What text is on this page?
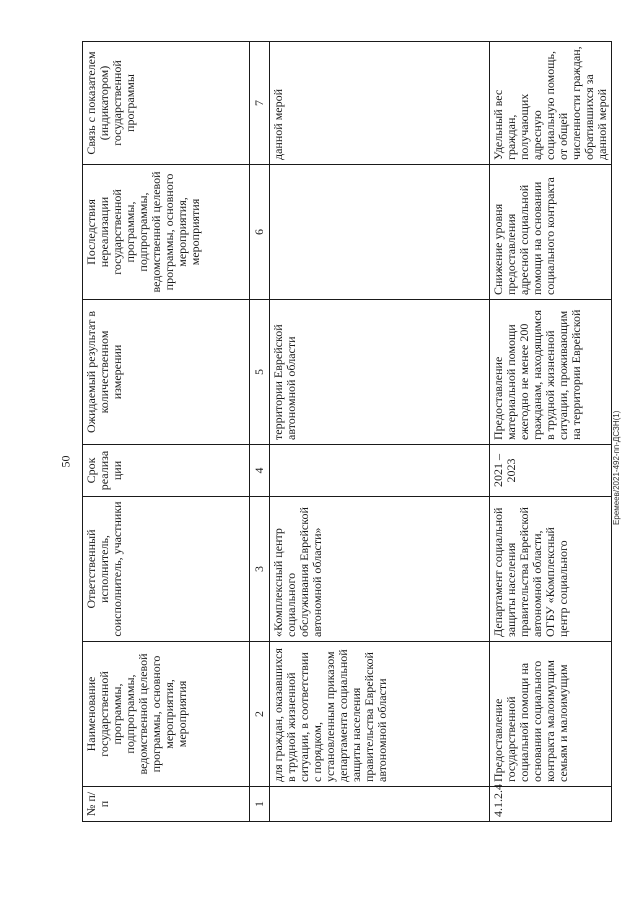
50	Еремеев/2021-492-пп-ДСЗН(1)
№ п/п	Наименование государственной программы, подпрограммы, ведомственной целевой программы, основного мероприятия, мероприятия	Ответственный исполнитель, соисполнитель, участники	Срок реализа ции	Ожидаемый результат в количественном измерении	Последствия нереализации государственной программы, подпрограммы, ведомственной целевой программы, основного мероприятия, мероприятия	Связь с показателем (индикатором) государственной программы
1	2	3	4	5	6	7
	для граждан, оказавшихся в трудной жизненной ситуации, в соответствии с порядком, установленным приказом департамента социальной защиты населения правительства Еврейской автономной области	«Комплексный центр социального обслуживания Еврейской автономной области»		территории Еврейской автономной области		данной мерой
4.1.2.4	Предоставление государственной социальной помощи на основании социального контракта малоимущим семьям и малоимущим	Департамент социальной защиты населения правительства Еврейской автономной области, ОГБУ «Комплексный центр социального	2021 – 2023	Предоставление материальной помощи ежегодно не менее 200 гражданам, находящимся в трудной жизненной ситуации, проживающим на территории Еврейской	Снижение уровня предоставления адресной социальной помощи на основании социального контракта	Удельный вес граждан, получающих адресную социальную помощь, от общей численности граждан, обратившихся за данной мерой
